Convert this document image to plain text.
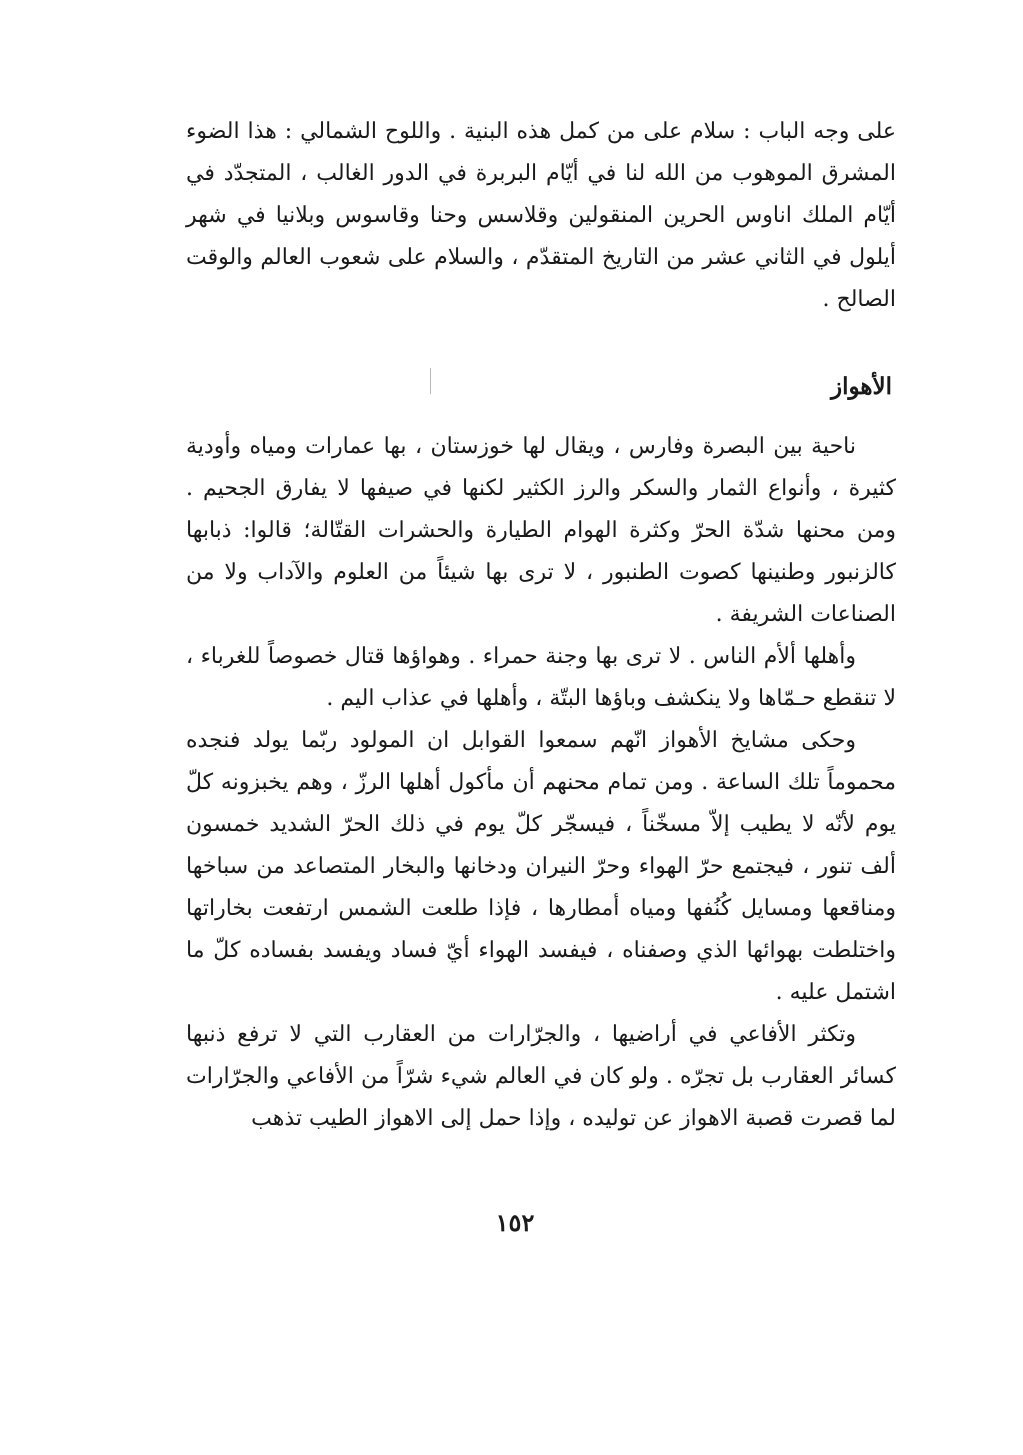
على وجه الباب : سلام على من كمل هذه البنية . واللوح الشمالي : هذا الضوء المشرق الموهوب من الله لنا في أيّام البربرة في الدور الغالب ، المتجدّد في أيّام الملك اناوس الحرين المنقولين وقلاسس وحنا وقاسوس وبلانيا في شهر أيلول في الثاني عشر من التاريخ المتقدّم ، والسلام على شعوب العالم والوقت الصالح .

الأهواز

ناحية بين البصرة وفارس ، ويقال لها خوزستان ، بها عمارات ومياه وأودية كثيرة ، وأنواع الثمار والسكر والرز الكثير لكنها في صيفها لا يفارق الجحيم . ومن محنها شدّة الحرّ وكثرة الهوام الطيارة والحشرات القتّالة؛ قالوا: ذبابها كالزنبور وطنينها كصوت الطنبور ، لا ترى بها شيئاً من العلوم والآداب ولا من الصناعات الشريفة .

وأهلها ألأم الناس . لا ترى بها وجنة حمراء . وهواؤها قتال خصوصاً للغرباء ، لا تنقطع حـمّاها ولا ينكشف وباؤها البتّة ، وأهلها في عذاب اليم .

وحكى مشايخ الأهواز انّهم سمعوا القوابل ان المولود ربّما يولد فنجده محموماً تلك الساعة . ومن تمام محنهم أن مأكول أهلها الرزّ ، وهم يخبزونه كلّ يوم لأنّه لا يطيب إلاّ مسخّناً ، فيسجّر كلّ يوم في ذلك الحرّ الشديد خمسون ألف تنور ، فيجتمع حرّ الهواء وحرّ النيران ودخانها والبخار المتصاعد من سباخها ومناقعها ومسايل كُنُفها ومياه أمطارها ، فإذا طلعت الشمس ارتفعت بخاراتها واختلطت بهوائها الذي وصفناه ، فيفسد الهواء أيّ فساد ويفسد بفساده كلّ ما اشتمل عليه .

وتكثر الأفاعي في أراضيها ، والجرّارات من العقارب التي لا ترفع ذنبها كسائر العقارب بل تجرّه . ولو كان في العالم شيء شرّاً من الأفاعي والجرّارات لما قصرت قصبة الاهواز عن توليده ، وإذا حمل إلى الاهواز الطيب تذهب

١٥٢
